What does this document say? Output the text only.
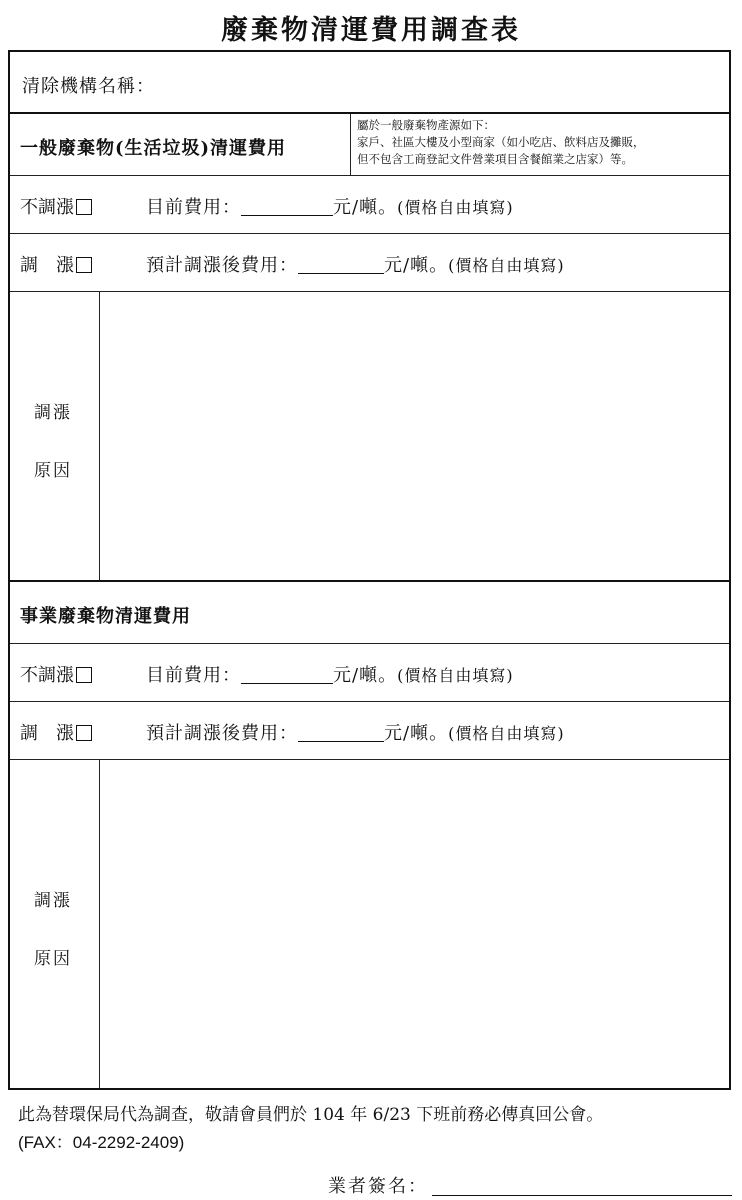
廢棄物清運費用調查表
清除機構名稱：
一般廢棄物(生活垃圾)清運費用
屬於一般廢棄物產源如下：
家戶、社區大樓及小型商家（如小吃店、飲料店及攤販，
但不包含工商登記文件營業項目含餐館業之店家）等。
不調漲	目前費用：	元/噸。(價格自由填寫)
調　漲	預計調漲後費用：	元/噸。(價格自由填寫)
調漲
原因
事業廢棄物清運費用
不調漲	目前費用：	元/噸。(價格自由填寫)
調　漲	預計調漲後費用：	元/噸。(價格自由填寫)
調漲
原因
此為替環保局代為調查，敬請會員們於 104 年 6/23 下班前務必傳真回公會。
(FAX：04-2292-2409)
業者簽名：
